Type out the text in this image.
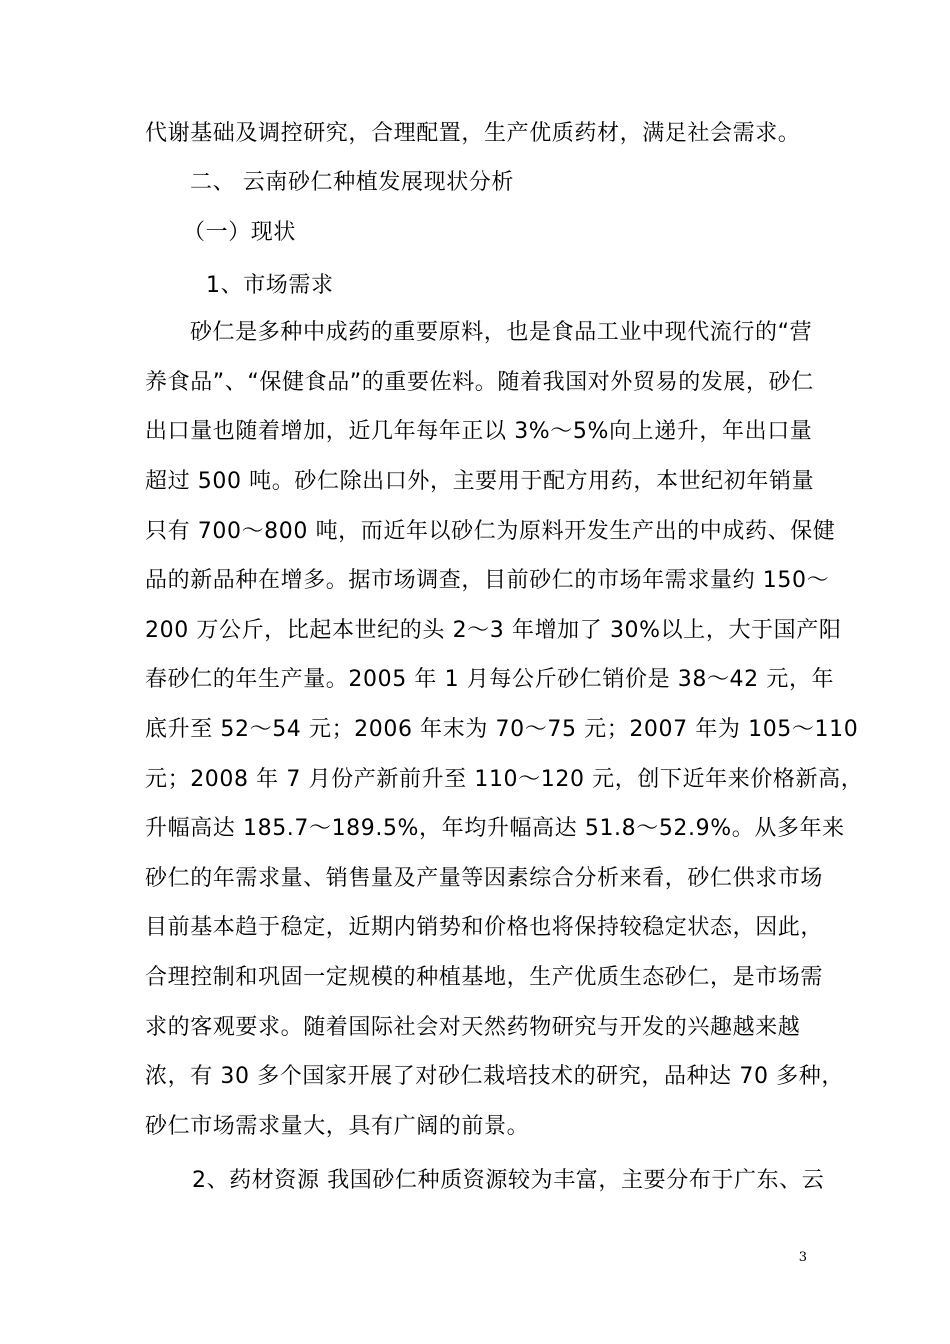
代谢基础及调控研究，合理配置，生产优质药材，满足社会需求。
二、 云南砂仁种植发展现状分析
（一）现状
1、市场需求
砂仁是多种中成药的重要原料，也是食品工业中现代流行的“营
养食品”、“保健食品”的重要佐料。随着我国对外贸易的发展，砂仁
出口量也随着增加，近几年每年正以 3%～5%向上递升，年出口量
超过 500 吨。砂仁除出口外，主要用于配方用药，本世纪初年销量
只有 700～800 吨，而近年以砂仁为原料开发生产出的中成药、保健
品的新品种在增多。据市场调查，目前砂仁的市场年需求量约 150～
200 万公斤，比起本世纪的头 2～3 年增加了 30%以上，大于国产阳
春砂仁的年生产量。2005 年 1 月每公斤砂仁销价是 38～42 元，年
底升至 52～54 元；2006 年末为 70～75 元；2007 年为 105～110
元；2008 年 7 月份产新前升至 110～120 元，创下近年来价格新高，
升幅高达 185.7～189.5%，年均升幅高达 51.8～52.9%。从多年来
砂仁的年需求量、销售量及产量等因素综合分析来看，砂仁供求市场
目前基本趋于稳定，近期内销势和价格也将保持较稳定状态，因此，
合理控制和巩固一定规模的种植基地，生产优质生态砂仁，是市场需
求的客观要求。随着国际社会对天然药物研究与开发的兴趣越来越
浓，有 30 多个国家开展了对砂仁栽培技术的研究，品种达 70 多种，
砂仁市场需求量大，具有广阔的前景。
2、药材资源 我国砂仁种质资源较为丰富，主要分布于广东、云
3
